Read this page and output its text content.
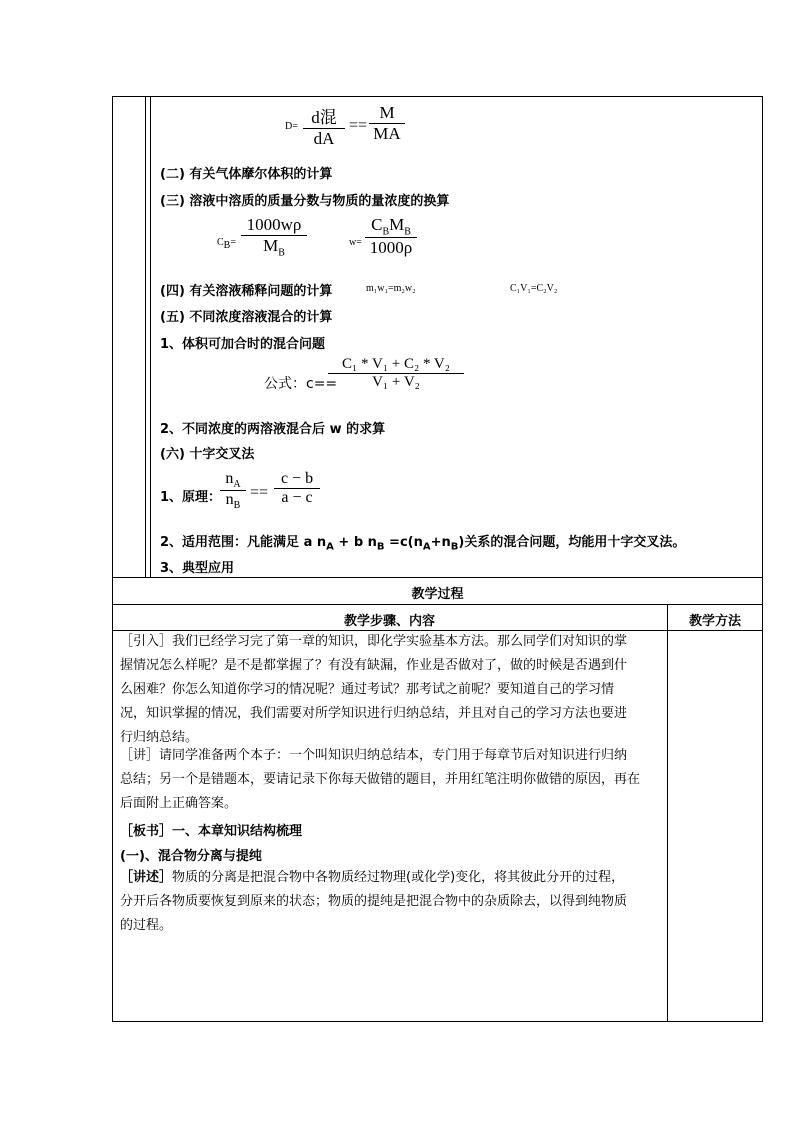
D= d混
dA
==
M
MA
(二) 有关气体摩尔体积的计算
(三) 溶液中溶质的质量分数与物质的量浓度的换算
$C_B=$
1000wρ
$M_B$
w=
$C_BM_B$
1000ρ
(四) 有关溶液稀释问题的计算	m₁w₁=m₂w₂	C₁V₁=C₂V₂
(五) 不同浓度溶液混合的计算
1、体积可加合时的混合问题
公式：c==
C₁ * V₁ + C₂ * V₂
V₁ + V₂
2、不同浓度的两溶液混合后 w 的求算
(六) 十字交叉法
1、原理：
$n_A$
$n_B$
==
c − b
a − c
2、适用范围：凡能满足 a $n_A + b$ $n_B =c(n_A+n_B)$关系的混合问题，均能用十字交叉法。
3、典型应用
教学过程
教学步骤、内容	教学方法
［引入］我们已经学习完了第一章的知识，即化学实验基本方法。那么同学们对知识的掌
握情况怎么样呢？是不是都掌握了？有没有缺漏，作业是否做对了，做的时候是否遇到什
么困难？你怎么知道你学习的情况呢？通过考试？那考试之前呢？要知道自己的学习情
况，知识掌握的情况，我们需要对所学知识进行归纳总结，并且对自己的学习方法也要进
行归纳总结。
［讲］请同学准备两个本子：一个叫知识归纳总结本，专门用于每章节后对知识进行归纳
总结；另一个是错题本，要请记录下你每天做错的题目，并用红笔注明你做错的原因，再在
后面附上正确答案。
［板书］一、本章知识结构梳理
(一)、混合物分离与提纯
［讲述］物质的分离是把混合物中各物质经过物理(或化学)变化，将其彼此分开的过程，
分开后各物质要恢复到原来的状态；物质的提纯是把混合物中的杂质除去，以得到纯物质
的过程。
